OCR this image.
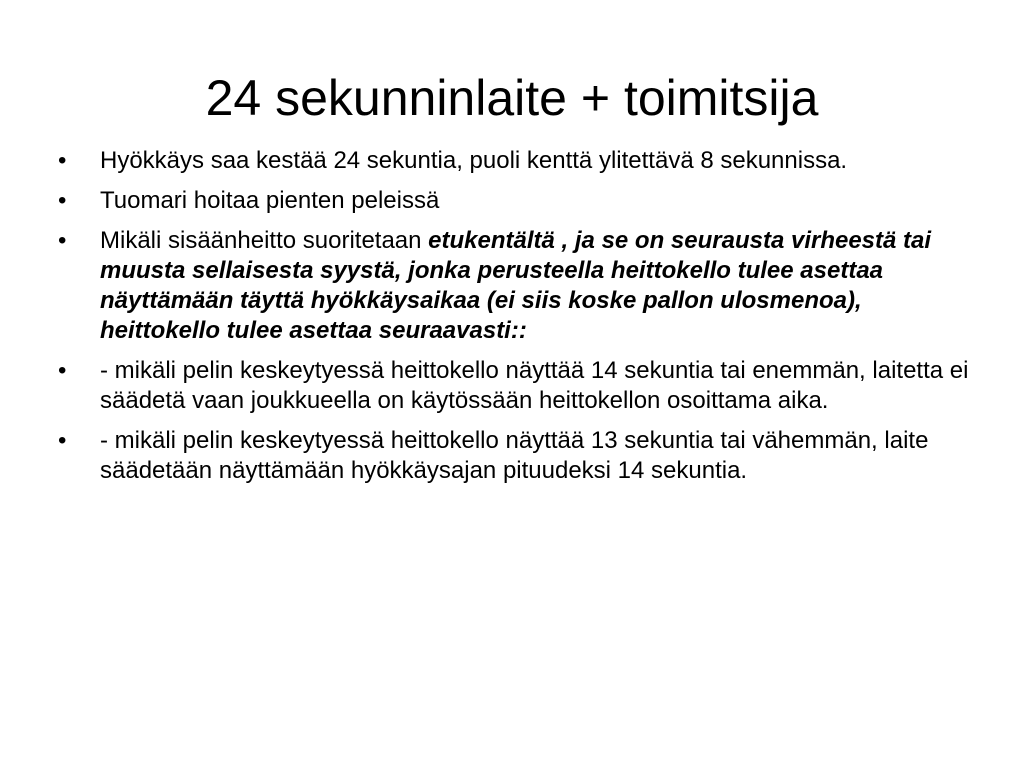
24 sekunninlaite + toimitsija
• Hyökkäys saa kestää 24 sekuntia, puoli kenttä ylitettävä 8 sekunnissa.
• Tuomari hoitaa pienten peleissä
• Mikäli sisäänheitto suoritetaan etukentältä , ja se on seurausta virheestä tai muusta sellaisesta syystä, jonka perusteella heittokello tulee asettaa näyttämään täyttä hyökkäysaikaa (ei siis koske pallon ulosmenoa), heittokello tulee asettaa seuraavasti::
• - mikäli pelin keskeytyessä heittokello näyttää 14 sekuntia tai enemmän, laitetta ei säädetä vaan joukkueella on käytössään heittokellon osoittama aika.
• - mikäli pelin keskeytyessä heittokello näyttää 13 sekuntia tai vähemmän, laite säädetään näyttämään hyökkäysajan pituudeksi 14 sekuntia.
